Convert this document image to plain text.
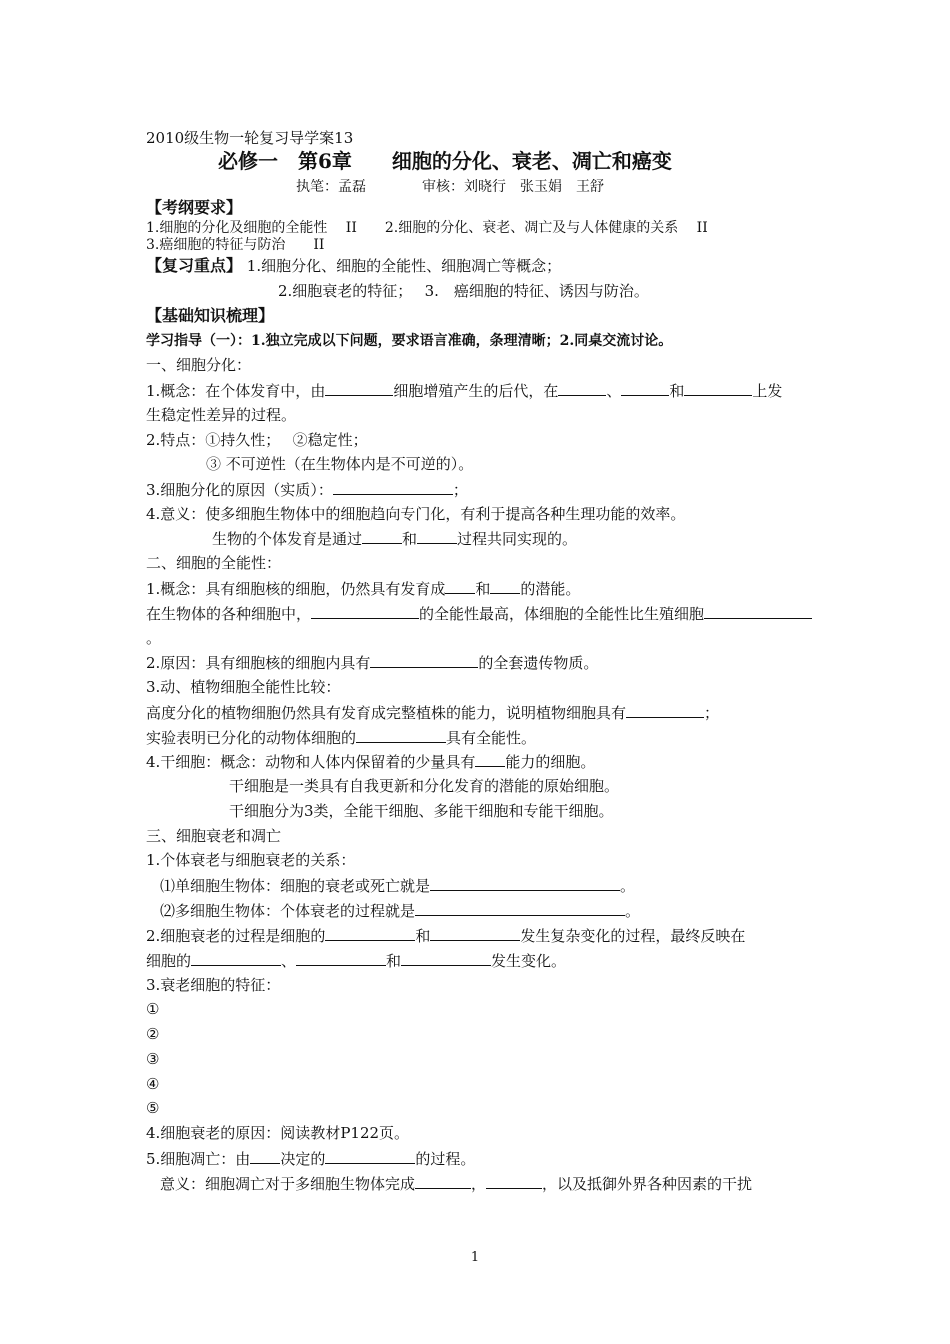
2010级生物一轮复习导学案13
必修一　第6章　　细胞的分化、衰老、凋亡和癌变
执笔：孟磊　　　　审核：刘晓行　张玉娟　王舒
【考纲要求】
1.细胞的分化及细胞的全能性　 II　　2.细胞的分化、衰老、凋亡及与人体健康的关系　 II
3.癌细胞的特征与防治　　II
【复习重点】 1.细胞分化、细胞的全能性、细胞凋亡等概念；
2.细胞衰老的特征；　 3.　癌细胞的特征、诱因与防治。
【基础知识梳理】
学习指导（一）：1.独立完成以下问题，要求语言准确，条理清晰；2.同桌交流讨论。
一、细胞分化：
1.概念：在个体发育中，由	细胞增殖产生的后代，在	、	和	上发
生稳定性差异的过程。
2.特点：①持久性；　 ②稳定性；
③ 不可逆性（在生物体内是不可逆的）。
3.细胞分化的原因（实质）：	；
4.意义：使多细胞生物体中的细胞趋向专门化，有利于提高各种生理功能的效率。
生物的个体发育是通过	和	过程共同实现的。
二、细胞的全能性：
1.概念：具有细胞核的细胞，仍然具有发育成 和 的潜能。
在生物体的各种细胞中，	的全能性最高，体细胞的全能性比生殖细胞
。
2.原因：具有细胞核的细胞内具有	的全套遗传物质。
3.动、植物细胞全能性比较：
高度分化的植物细胞仍然具有发育成完整植株的能力，说明植物细胞具有	；
实验表明已分化的动物体细胞的	具有全能性。
4.干细胞：概念：动物和人体内保留着的少量具有 能力的细胞。
干细胞是一类具有自我更新和分化发育的潜能的原始细胞。
干细胞分为3类，全能干细胞、多能干细胞和专能干细胞。
三、细胞衰老和凋亡
1.个体衰老与细胞衰老的关系：
⑴单细胞生物体：细胞的衰老或死亡就是	。
⑵多细胞生物体：个体衰老的过程就是	。
2.细胞衰老的过程是细胞的	和	发生复杂变化的过程，最终反映在
细胞的	、	和	发生变化。
3.衰老细胞的特征：
①
②
③
④
⑤
4.细胞衰老的原因：阅读教材P122页。
5.细胞凋亡：由 决定的	的过程。
意义：细胞凋亡对于多细胞生物体完成	，	，以及抵御外界各种因素的干扰
1
